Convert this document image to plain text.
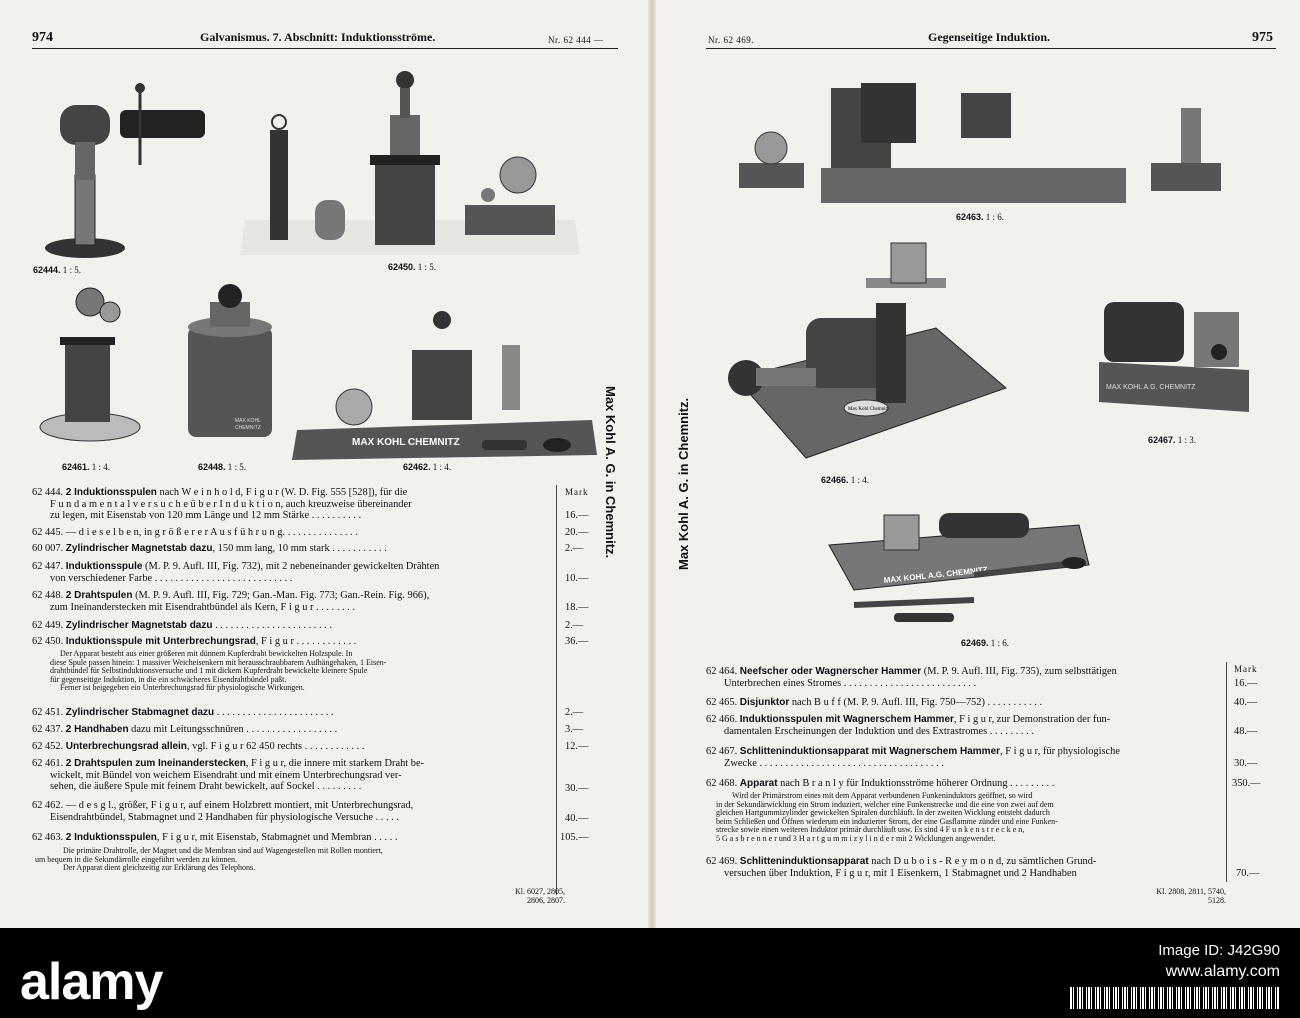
974	Galvanismus. 7. Abschnitt: Induktionsströme.	Nr. 62 444 —
62444. 1 : 5.	62450. 1 : 5.
62461. 1 : 4.
MAX KOHL
CHEMNITZ
62448. 1 : 5.
MAX KOHL CHEMNITZ
62462. 1 : 4.
Mark
62 444. 2 Induktionsspulen nach W e i n h o l d, F i g u r (W. D. Fig. 555 [528]), für die
F u n d a m e n t a l v e r s u c h e ü b e r I n d u k t i o n, auch kreuzweise übereinander
zu legen, mit Eisenstab von 120 mm Länge und 12 mm Stärke . . . . . . . . . .	16.—
62 445. — d i e s e l b e n, in g r ö ß e r e r A u s f ü h r u n g. . . . . . . . . . . . . . .	20.—
60 007. Zylindrischer Magnetstab dazu, 150 mm lang, 10 mm stark . . . . . . . . . . .	2.—
62 447. Induktionsspule (M. P. 9. Aufl. III, Fig. 732), mit 2 nebeneinander gewickelten Drähten
von verschiedener Farbe . . . . . . . . . . . . . . . . . . . . . . . . . . .	10.—
62 448. 2 Drahtspulen (M. P. 9. Aufl. III, Fig. 729; Gan.-Man. Fig. 773; Gan.-Rein. Fig. 966),
zum Ineinanderstecken mit Eisendrahtbündel als Kern, F i g u r . . . . . . . .	18.—
62 449. Zylindrischer Magnetstab dazu . . . . . . . . . . . . . . . . . . . . . . .	2.—
62 450. Induktionsspule mit Unterbrechungsrad, F i g u r . . . . . . . . . . . .	36.—
Der Apparat besteht aus einer größeren mit dünnem Kupferdraht bewickelten Holzspule. In
diese Spule passen hinein: 1 massiver Weicheisenkern mit herausschraubbarem Aufhängehaken, 1 Eisen-
drahtbündel für Selbstinduktionsversuche und 1 mit dickem Kupferdraht bewickelte kleinere Spule
für gegenseitige Induktion, in die ein schwächeres Eisendrahtbündel paßt.
Ferner ist beigegeben ein Unterbrechungsrad für physiologische Wirkungen.
62 451. Zylindrischer Stabmagnet dazu . . . . . . . . . . . . . . . . . . . . . . .	2.—
62 437. 2 Handhaben dazu mit Leitungsschnüren . . . . . . . . . . . . . . . . . .	3.—
62 452. Unterbrechungsrad allein, vgl. F i g u r 62 450 rechts . . . . . . . . . . . .	12.—
62 461. 2 Drahtspulen zum Ineinanderstecken, F i g u r, die innere mit starkem Draht be-
wickelt, mit Bündel von weichem Eisendraht und mit einem Unterbrechungsrad ver-
sehen, die äußere Spule mit feinem Draht bewickelt, auf Sockel . . . . . . . . .	30.—
62 462. — d e s g l., größer, F i g u r, auf einem Holzbrett montiert, mit Unterbrechungsrad,
Eisendrahtbündel, Stabmagnet und 2 Handhaben für physiologische Versuche . . . . .	40.—
62 463. 2 Induktionsspulen, F i g u r, mit Eisenstab, Stabmagnet und Membran . . . . .	105.—
Die primäre Drahtrolle, der Magnet und die Membran sind auf Wagengestellen mit Rollen montiert,
um bequem in die Sekundärrolle eingeführt werden zu können.
Der Apparat dient gleichzeitig zur Erklärung des Telephons.
Kl. 6027, 2805,
2806, 2807.
Max Kohl A. G. in Chemnitz.
Nr. 62 469.	Gegenseitige Induktion.	975
62463. 1 : 6.
Max Kohl Chemnitz
62466. 1 : 4.
MAX KOHL A.G. CHEMNITZ
62467. 1 : 3.
MAX KOHL A.G. CHEMNITZ
62469. 1 : 6.
Mark
62 464. Neefscher oder Wagnerscher Hammer (M. P. 9. Aufl. III, Fig. 735), zum selbsttätigen
Unterbrechen eines Stromes . . . . . . . . . . . . . . . . . . . . . . . . . .	16.—
62 465. Disjunktor nach B u f f (M. P. 9. Aufl. III, Fig. 750—752) . . . . . . . . . . .	40.—
62 466. Induktionsspulen mit Wagnerschem Hammer, F i g u r, zur Demonstration der fun-
damentalen Erscheinungen der Induktion und des Extrastromes . . . . . . . . .	48.—
62 467. Schlitteninduktionsapparat mit Wagnerschem Hammer, F i g u r, für physiologische
Zwecke . . . . . . . . . . . . . . . . . . . . . . . . . . . . . . . . . . . .	30.—
62 468. Apparat nach B r a n l y für Induktionsströme höherer Ordnung . . . . . . . . .	350.—
Wird der Primärstrom eines mit dem Apparat verbundenen Funkeninduktors geöffnet, so wird
in der Sekundärwicklung ein Strom induziert, welcher eine Funkenstrecke und die eine von zwei auf dem
gleichen Hartgummizylinder gewickelten Spiralen durchläuft. In der zweiten Wicklung entsteht dadurch
beim Schließen und Öffnen wiederum ein induzierter Strom, der eine Gasflamme zündet und eine Funken-
strecke sowie einen weiteren Induktor primär durchläuft usw. Es sind 4 F u n k e n s t r e c k e n,
5 G a s b r e n n e r und 3 H a r t g u m m i z y l i n d e r mit 2 Wicklungen angewendet.
62 469. Schlitteninduktionsapparat nach D u b o i s - R e y m o n d, zu sämtlichen Grund-
versuchen über Induktion, F i g u r, mit 1 Eisenkern, 1 Stabmagnet und 2 Handhaben	70.—
Kl. 2808, 2811, 5740,
5128.
Max Kohl A. G. in Chemnitz.
alamy
Image ID: J42G90
www.alamy.com
